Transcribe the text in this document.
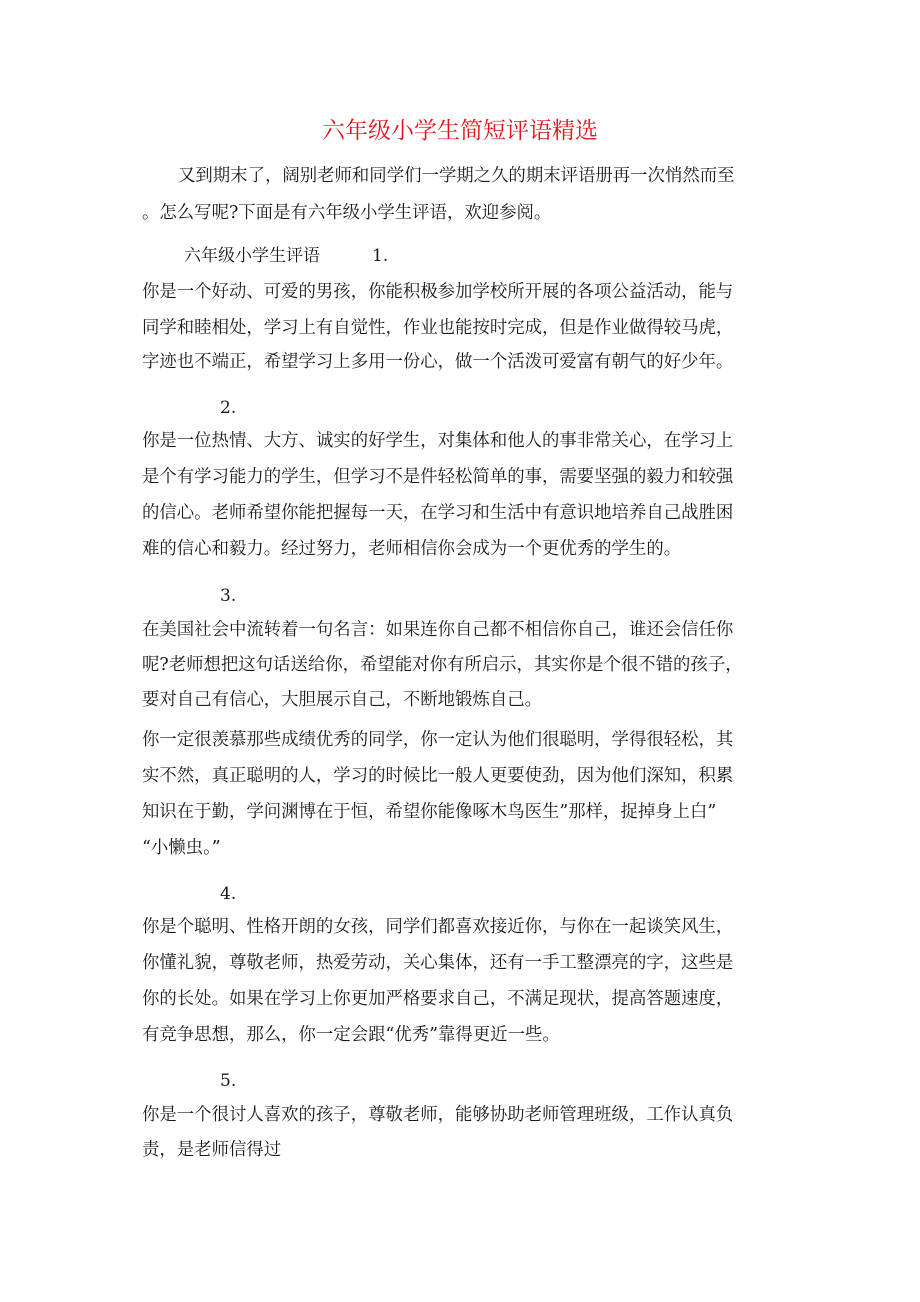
六年级小学生简短评语精选
又到期末了，阔别老师和同学们一学期之久的期末评语册再一次悄然而至
。怎么写呢?下面是有六年级小学生评语，欢迎参阅。
六年级小学生评语	1.
你是一个好动、可爱的男孩，你能积极参加学校所开展的各项公益活动，能与
同学和睦相处，学习上有自觉性，作业也能按时完成，但是作业做得较马虎，
字迹也不端正，希望学习上多用一份心，做一个活泼可爱富有朝气的好少年。
2.
你是一位热情、大方、诚实的好学生，对集体和他人的事非常关心，在学习上
是个有学习能力的学生，但学习不是件轻松简单的事，需要坚强的毅力和较强
的信心。老师希望你能把握每一天，在学习和生活中有意识地培养自己战胜困
难的信心和毅力。经过努力，老师相信你会成为一个更优秀的学生的。
3.
在美国社会中流转着一句名言：如果连你自己都不相信你自己，谁还会信任你
呢?老师想把这句话送给你，希望能对你有所启示，其实你是个很不错的孩子，
要对自己有信心，大胆展示自己，不断地锻炼自己。
你一定很羡慕那些成绩优秀的同学，你一定认为他们很聪明，学得很轻松，其
实不然，真正聪明的人，学习的时候比一般人更要使劲，因为他们深知，积累
知识在于勤，学问渊博在于恒，希望你能像啄木鸟医生”那样，捉掉身上白”
“小懒虫。”
4.
你是个聪明、性格开朗的女孩，同学们都喜欢接近你，与你在一起谈笑风生，
你懂礼貌，尊敬老师，热爱劳动，关心集体，还有一手工整漂亮的字，这些是
你的长处。如果在学习上你更加严格要求自己，不满足现状，提高答题速度，
有竞争思想，那么，你一定会跟“优秀”靠得更近一些。
5.
你是一个很讨人喜欢的孩子，尊敬老师，能够协助老师管理班级，工作认真负
责，是老师信得过
